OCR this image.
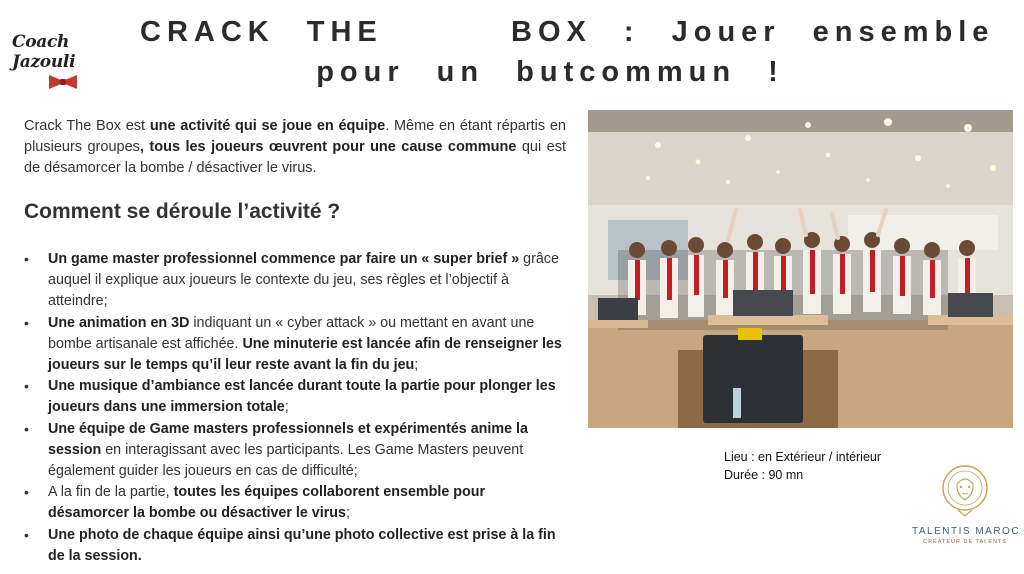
Coach Jazouli
CRACK THE    BOX : Jouer ensemble
pour un butcommun !

Crack The Box est une activité qui se joue en équipe. Même en étant répartis en plusieurs groupes, tous les joueurs œuvrent pour une cause commune qui est de désamorcer la bombe / désactiver le virus.

Comment se déroule l’activité ?
• Un game master professionnel commence par faire un « super brief » grâce auquel il explique aux joueurs le contexte du jeu, ses règles et l’objectif à atteindre;
• Une animation en 3D indiquant un « cyber attack » ou mettant en avant une bombe artisanale est affichée. Une minuterie est lancée afin de renseigner les joueurs sur le temps qu’il leur reste avant la fin du jeu;
• Une musique d’ambiance est lancée durant toute la partie pour plonger les joueurs dans une immersion totale;
• Une équipe de Game masters professionnels et expérimentés anime la session en interagissant avec les participants. Les Game Masters peuvent également guider les joueurs en cas de difficulté;
• A la fin de la partie, toutes les équipes collaborent ensemble pour désamorcer la bombe ou désactiver le virus;
• Une photo de chaque équipe ainsi qu’une photo collective est prise à la fin de la session.
Lieu : en Extérieur / intérieur
Durée : 90 mn
TALENTIS MAROC
CRÉATEUR DE TALENTS
